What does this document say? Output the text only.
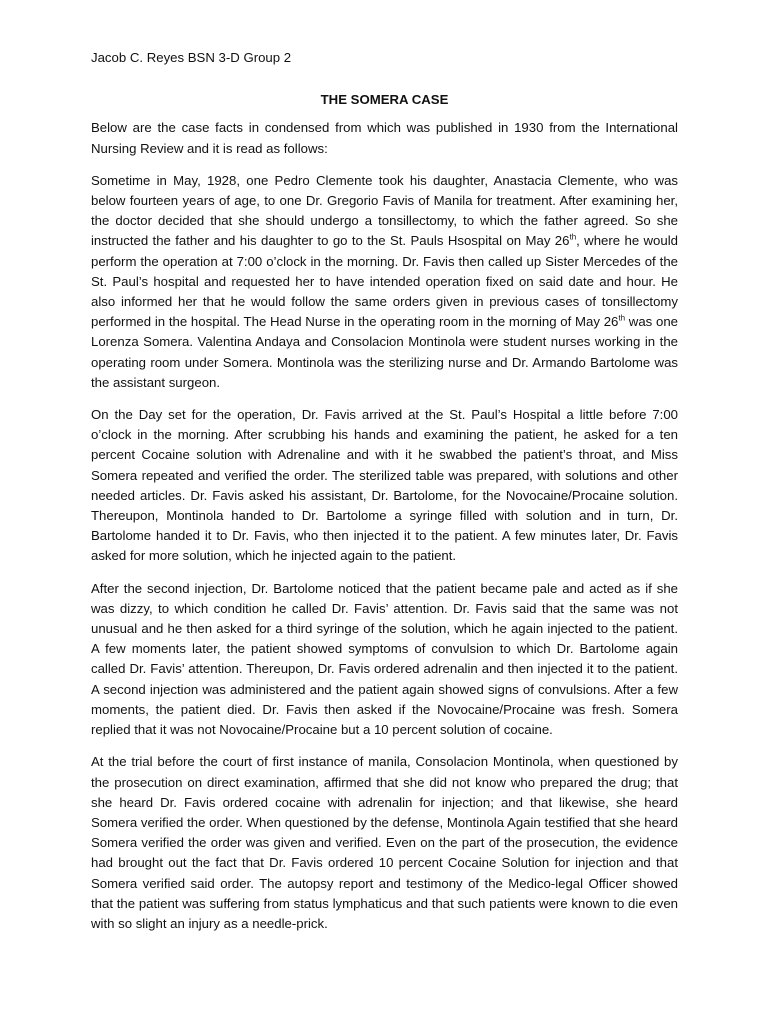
Jacob C. Reyes BSN 3-D Group 2
THE SOMERA CASE

Below are the case facts in condensed from which was published in 1930 from the International Nursing Review and it is read as follows:

Sometime in May, 1928, one Pedro Clemente took his daughter, Anastacia Clemente, who was below fourteen years of age, to one Dr. Gregorio Favis of Manila for treatment. After examining her, the doctor decided that she should undergo a tonsillectomy, to which the father agreed. So she instructed the father and his daughter to go to the St. Pauls Hsospital on May 26th, where he would perform the operation at 7:00 o’clock in the morning. Dr. Favis then called up Sister Mercedes of the St. Paul’s hospital and requested her to have intended operation fixed on said date and hour. He also informed her that he would follow the same orders given in previous cases of tonsillectomy performed in the hospital. The Head Nurse in the operating room in the morning of May 26th was one Lorenza Somera. Valentina Andaya and Consolacion Montinola were student nurses working in the operating room under Somera. Montinola was the sterilizing nurse and Dr. Armando Bartolome was the assistant surgeon.

On the Day set for the operation, Dr. Favis arrived at the St. Paul’s Hospital a little before 7:00 o’clock in the morning. After scrubbing his hands and examining the patient, he asked for a ten percent Cocaine solution with Adrenaline and with it he swabbed the patient’s throat, and Miss Somera repeated and verified the order. The sterilized table was prepared, with solutions and other needed articles. Dr. Favis asked his assistant, Dr. Bartolome, for the Novocaine/Procaine solution. Thereupon, Montinola handed to Dr. Bartolome a syringe filled with solution and in turn, Dr. Bartolome handed it to Dr. Favis, who then injected it to the patient. A few minutes later, Dr. Favis asked for more solution, which he injected again to the patient.

After the second injection, Dr. Bartolome noticed that the patient became pale and acted as if she was dizzy, to which condition he called Dr. Favis’ attention. Dr. Favis said that the same was not unusual and he then asked for a third syringe of the solution, which he again injected to the patient. A few moments later, the patient showed symptoms of convulsion to which Dr. Bartolome again called Dr. Favis’ attention. Thereupon, Dr. Favis ordered adrenalin and then injected it to the patient. A second injection was administered and the patient again showed signs of convulsions. After a few moments, the patient died. Dr. Favis then asked if the Novocaine/Procaine was fresh. Somera replied that it was not Novocaine/Procaine but a 10 percent solution of cocaine.

At the trial before the court of first instance of manila, Consolacion Montinola, when questioned by the prosecution on direct examination, affirmed that she did not know who prepared the drug; that she heard Dr. Favis ordered cocaine with adrenalin for injection; and that likewise, she heard Somera verified the order. When questioned by the defense, Montinola Again testified that she heard Somera verified the order was given and verified. Even on the part of the prosecution, the evidence had brought out the fact that Dr. Favis ordered 10 percent Cocaine Solution for injection and that Somera verified said order. The autopsy report and testimony of the Medico-legal Officer showed that the patient was suffering from status lymphaticus and that such patients were known to die even with so slight an injury as a needle-prick.
